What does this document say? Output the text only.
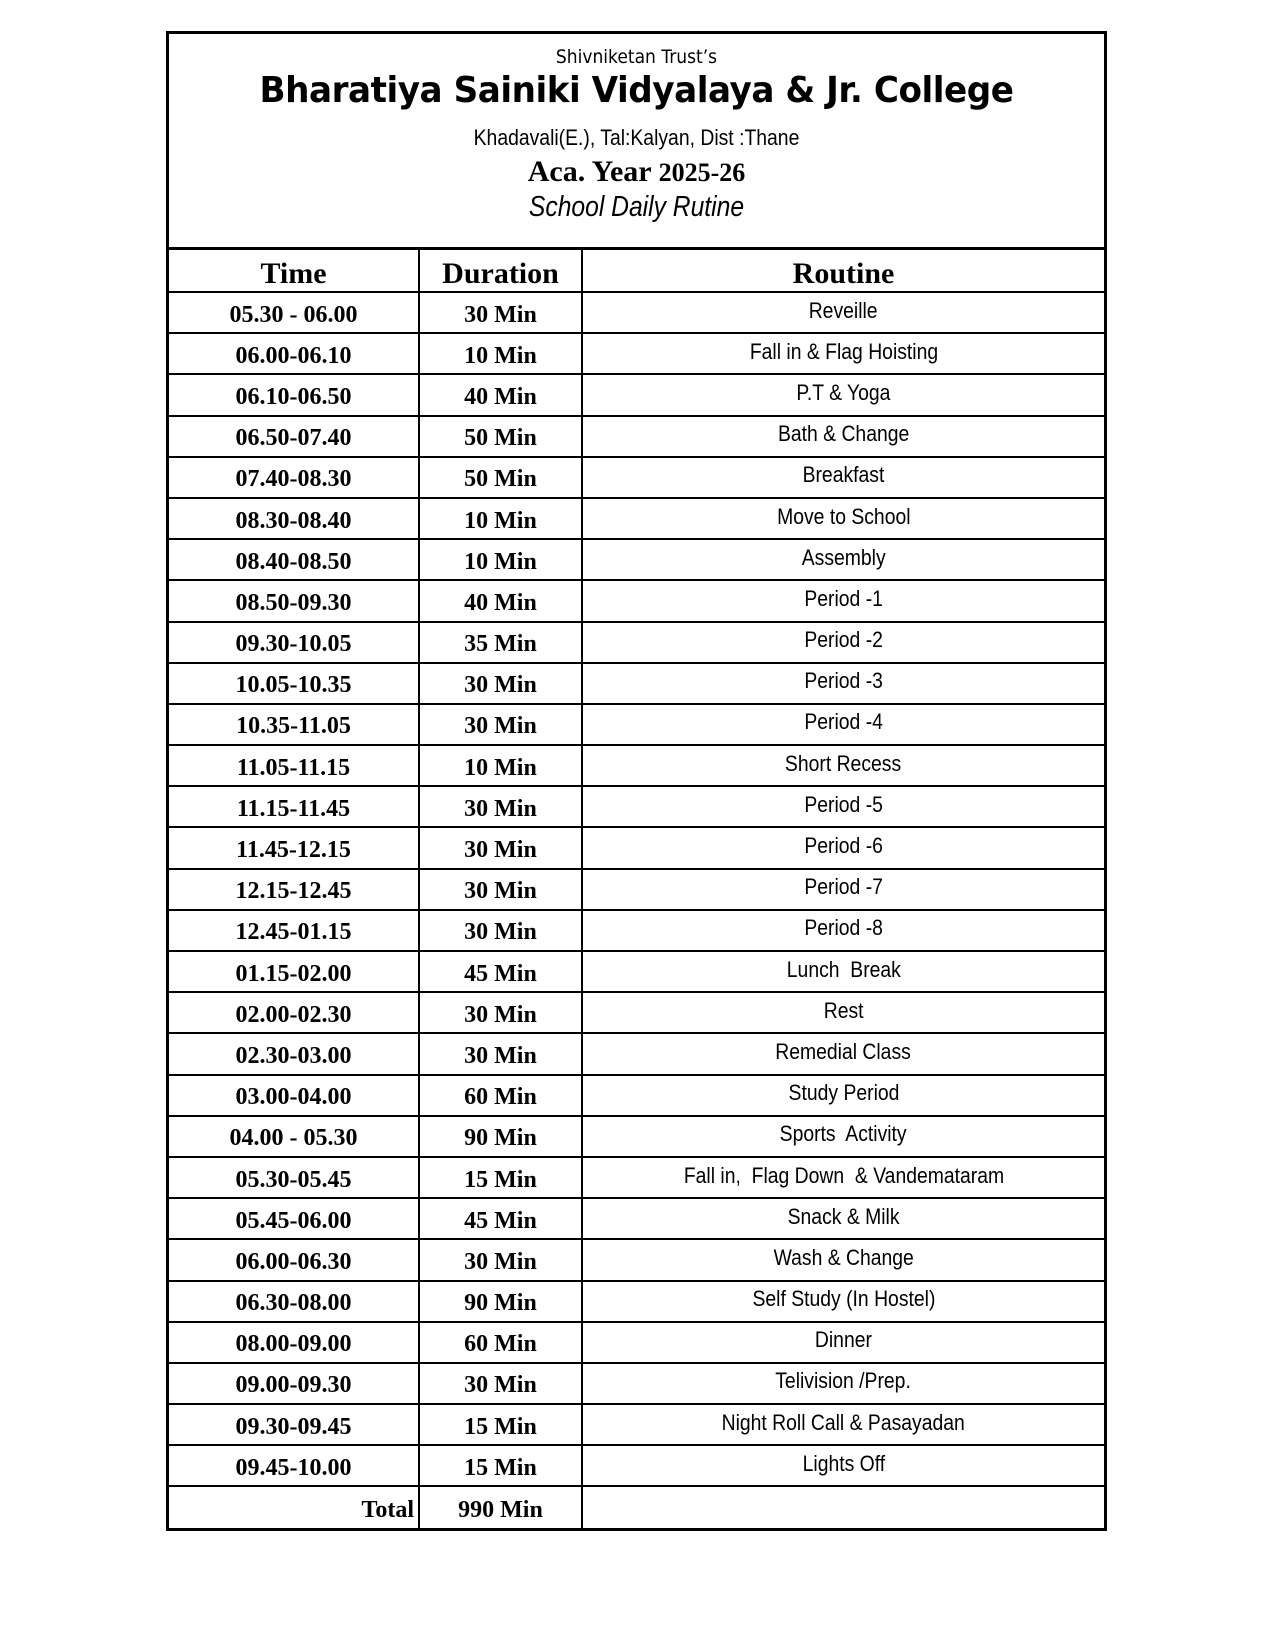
Shivniketan Trust’s
Bharatiya Sainiki Vidyalaya & Jr. College
Khadavali(E.), Tal:Kalyan, Dist :Thane
Aca. Year 2025-26
School Daily Rutine
Time	Duration	Routine
05.30 - 06.00	30 Min	Reveille
06.00-06.10	10 Min	Fall in & Flag Hoisting
06.10-06.50	40 Min	P.T & Yoga
06.50-07.40	50 Min	Bath & Change
07.40-08.30	50 Min	Breakfast
08.30-08.40	10 Min	Move to School
08.40-08.50	10 Min	Assembly
08.50-09.30	40 Min	Period -1
09.30-10.05	35 Min	Period -2
10.05-10.35	30 Min	Period -3
10.35-11.05	30 Min	Period -4
11.05-11.15	10 Min	Short Recess
11.15-11.45	30 Min	Period -5
11.45-12.15	30 Min	Period -6
12.15-12.45	30 Min	Period -7
12.45-01.15	30 Min	Period -8
01.15-02.00	45 Min	Lunch  Break
02.00-02.30	30 Min	Rest
02.30-03.00	30 Min	Remedial Class
03.00-04.00	60 Min	Study Period
04.00 - 05.30	90 Min	Sports  Activity
05.30-05.45	15 Min	Fall in,  Flag Down  & Vandemataram
05.45-06.00	45 Min	Snack & Milk
06.00-06.30	30 Min	Wash & Change
06.30-08.00	90 Min	Self Study (In Hostel)
08.00-09.00	60 Min	Dinner
09.00-09.30	30 Min	Telivision /Prep.
09.30-09.45	15 Min	Night Roll Call & Pasayadan
09.45-10.00	15 Min	Lights Off
Total	990 Min	
